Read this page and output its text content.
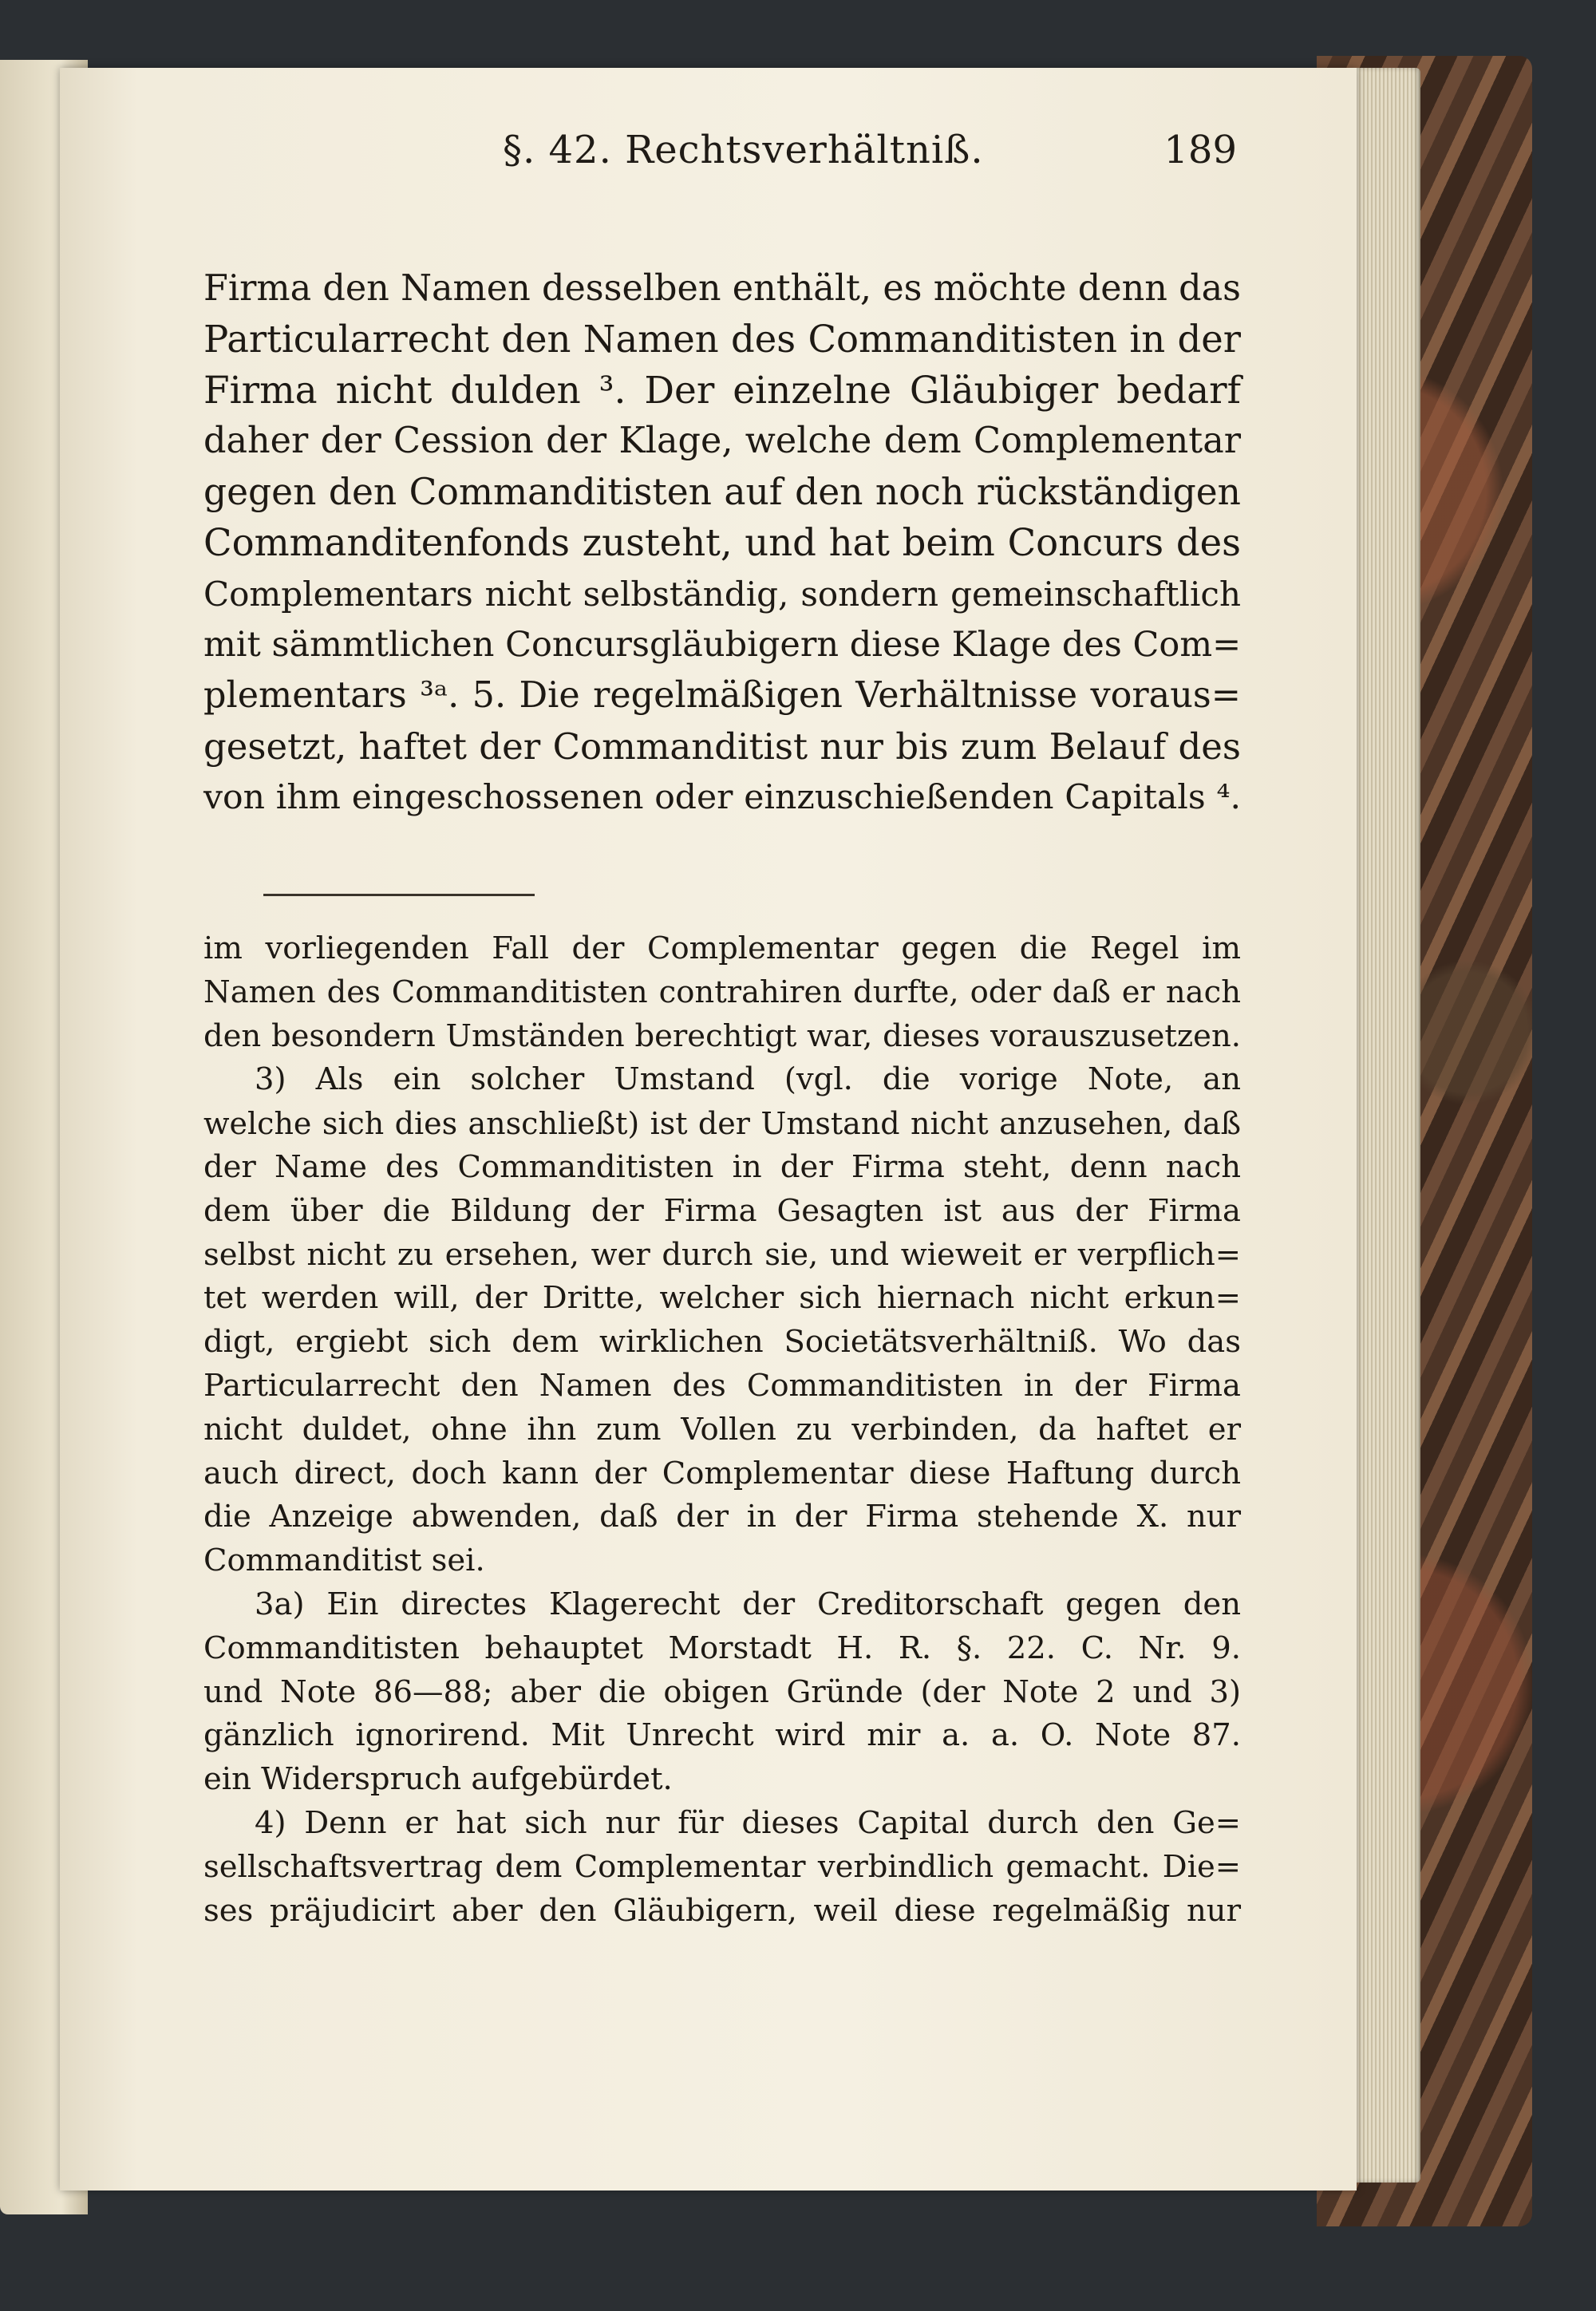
§. 42. Rechtsverhältniß.	189
Firma den Namen desselben enthält, es möchte denn das
Particularrecht den Namen des Commanditisten in der
Firma nicht dulden ³. Der einzelne Gläubiger bedarf
daher der Cession der Klage, welche dem Complementar
gegen den Commanditisten auf den noch rückständigen
Commanditenfonds zusteht, und hat beim Concurs des
Complementars nicht selbständig, sondern gemeinschaftlich
mit sämmtlichen Concursgläubigern diese Klage des Com=
plementars ³ᵃ. 5. Die regelmäßigen Verhältnisse voraus=
gesetzt, haftet der Commanditist nur bis zum Belauf des
von ihm eingeschossenen oder einzuschießenden Capitals ⁴.
im vorliegenden Fall der Complementar gegen die Regel im
Namen des Commanditisten contrahiren durfte, oder daß er nach
den besondern Umständen berechtigt war, dieses vorauszusetzen.
3) Als ein solcher Umstand (vgl. die vorige Note, an
welche sich dies anschließt) ist der Umstand nicht anzusehen, daß
der Name des Commanditisten in der Firma steht, denn nach
dem über die Bildung der Firma Gesagten ist aus der Firma
selbst nicht zu ersehen, wer durch sie, und wieweit er verpflich=
tet werden will, der Dritte, welcher sich hiernach nicht erkun=
digt, ergiebt sich dem wirklichen Societätsverhältniß. Wo das
Particularrecht den Namen des Commanditisten in der Firma
nicht duldet, ohne ihn zum Vollen zu verbinden, da haftet er
auch direct, doch kann der Complementar diese Haftung durch
die Anzeige abwenden, daß der in der Firma stehende X. nur
Commanditist sei.
3a) Ein directes Klagerecht der Creditorschaft gegen den
Commanditisten behauptet Morstadt H. R. §. 22. C. Nr. 9.
und Note 86—88; aber die obigen Gründe (der Note 2 und 3)
gänzlich ignorirend. Mit Unrecht wird mir a. a. O. Note 87.
ein Widerspruch aufgebürdet.
4) Denn er hat sich nur für dieses Capital durch den Ge=
sellschaftsvertrag dem Complementar verbindlich gemacht. Die=
ses präjudicirt aber den Gläubigern, weil diese regelmäßig nur
